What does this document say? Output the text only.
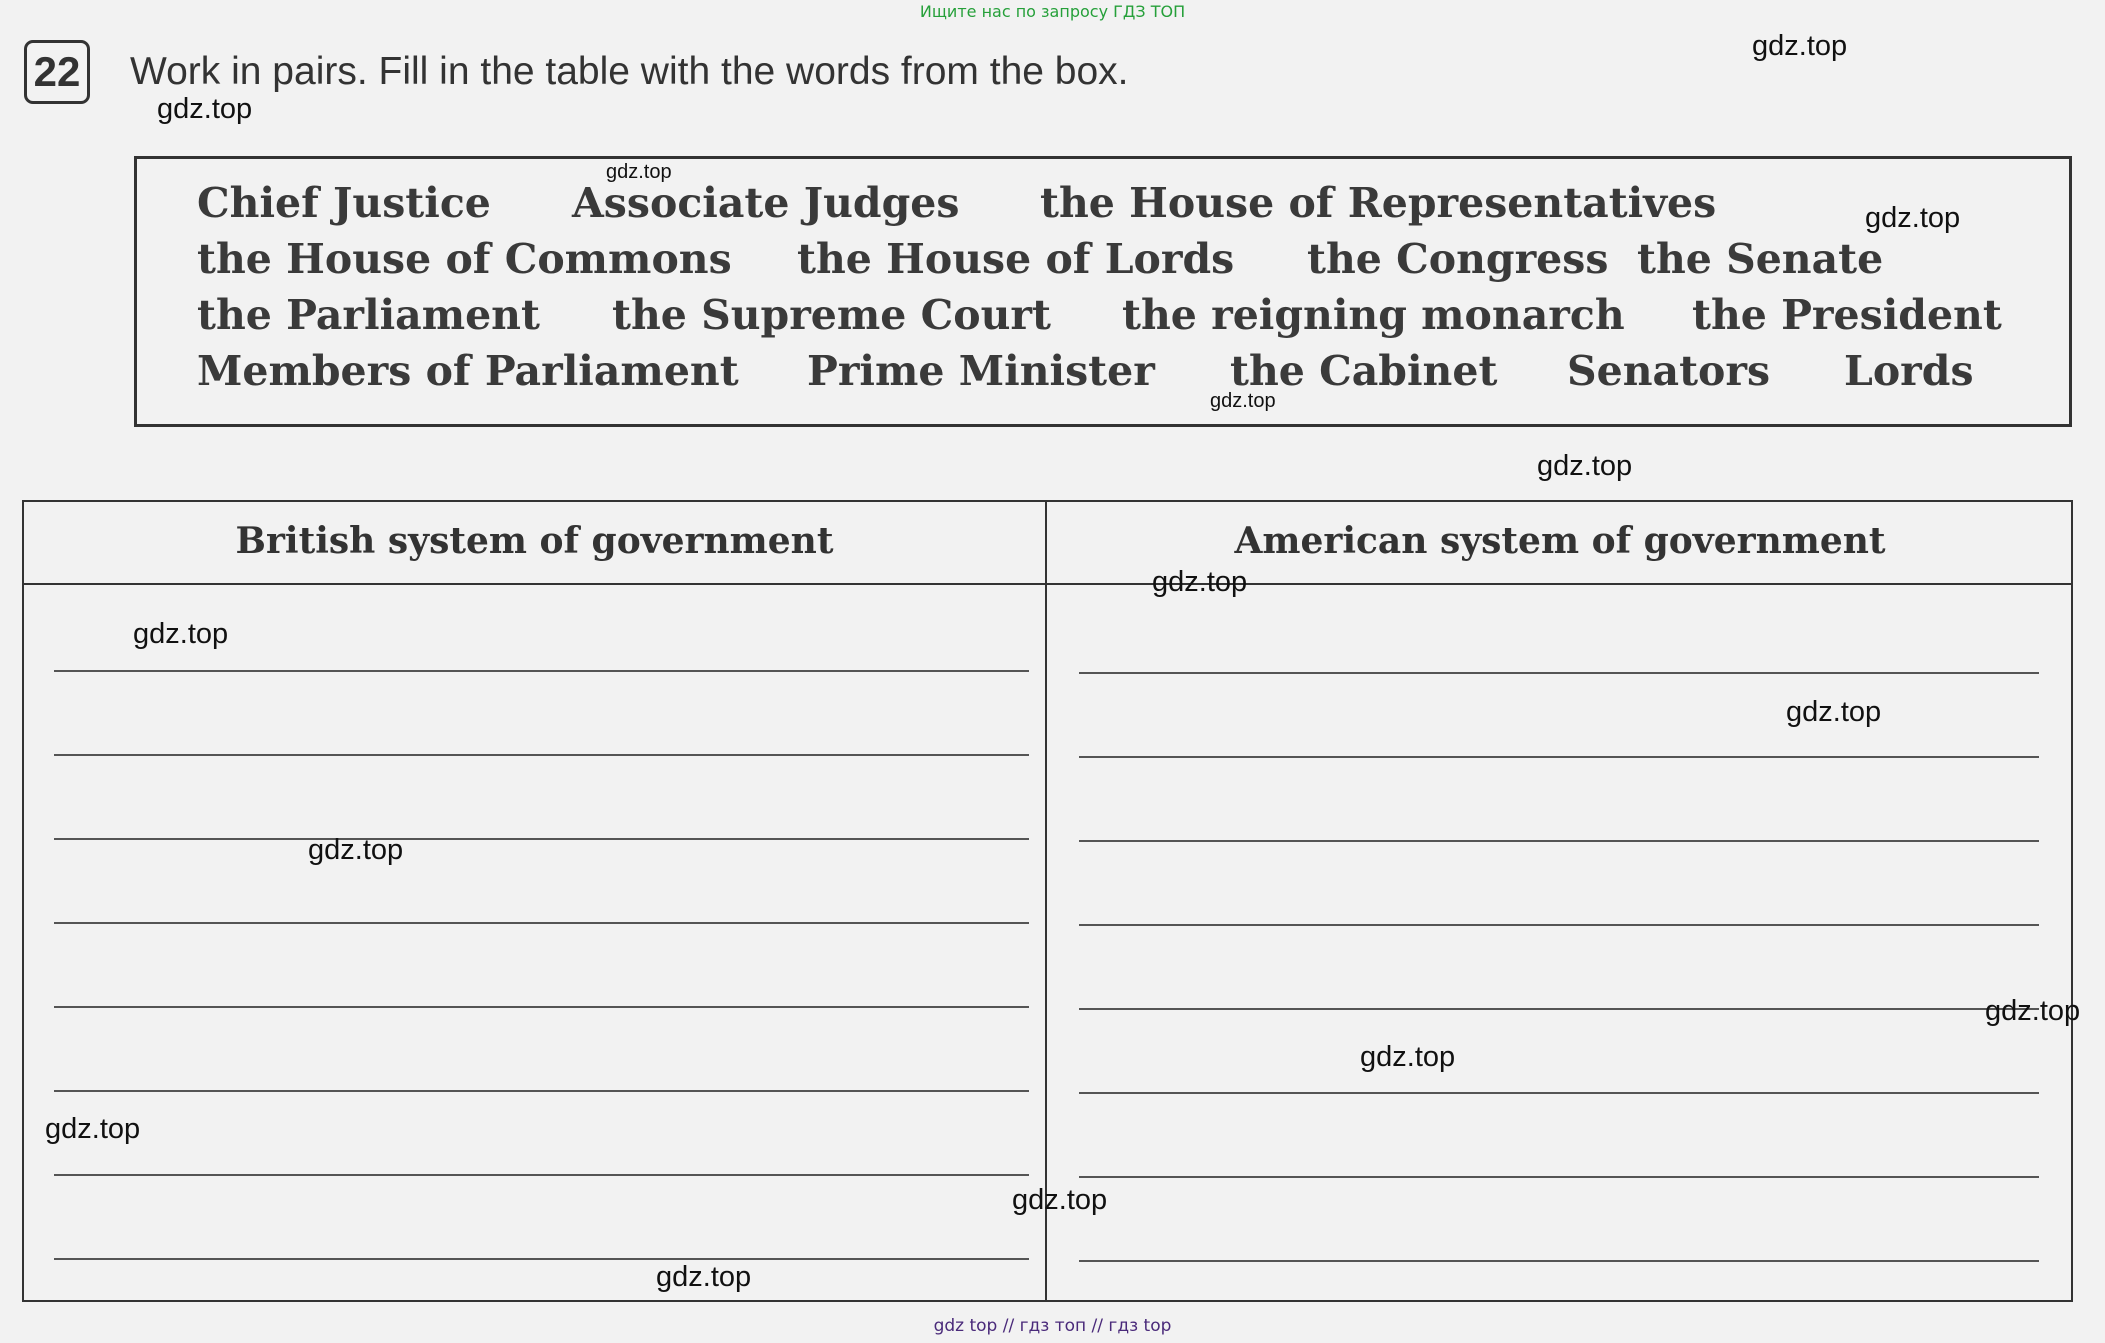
Ищите нас по запросу ГДЗ ТОП
22 Work in pairs. Fill in the table with the words from the box.
Chief Justice Associate Judges the House of Representatives
the House of Commons the House of Lords the Congress the Senate
the Parliament the Supreme Court the reigning monarch the President
Members of Parliament Prime Minister the Cabinet Senators Lords
British system of government	American system of government
gdz.top
gdz.top
gdz.top
gdz.top
gdz.top
gdz.top
gdz.top
gdz.top
gdz.top
gdz.top
gdz.top
gdz.top
gdz.top
gdz.top
gdz.top
gdz top // гдз топ // гдз top
